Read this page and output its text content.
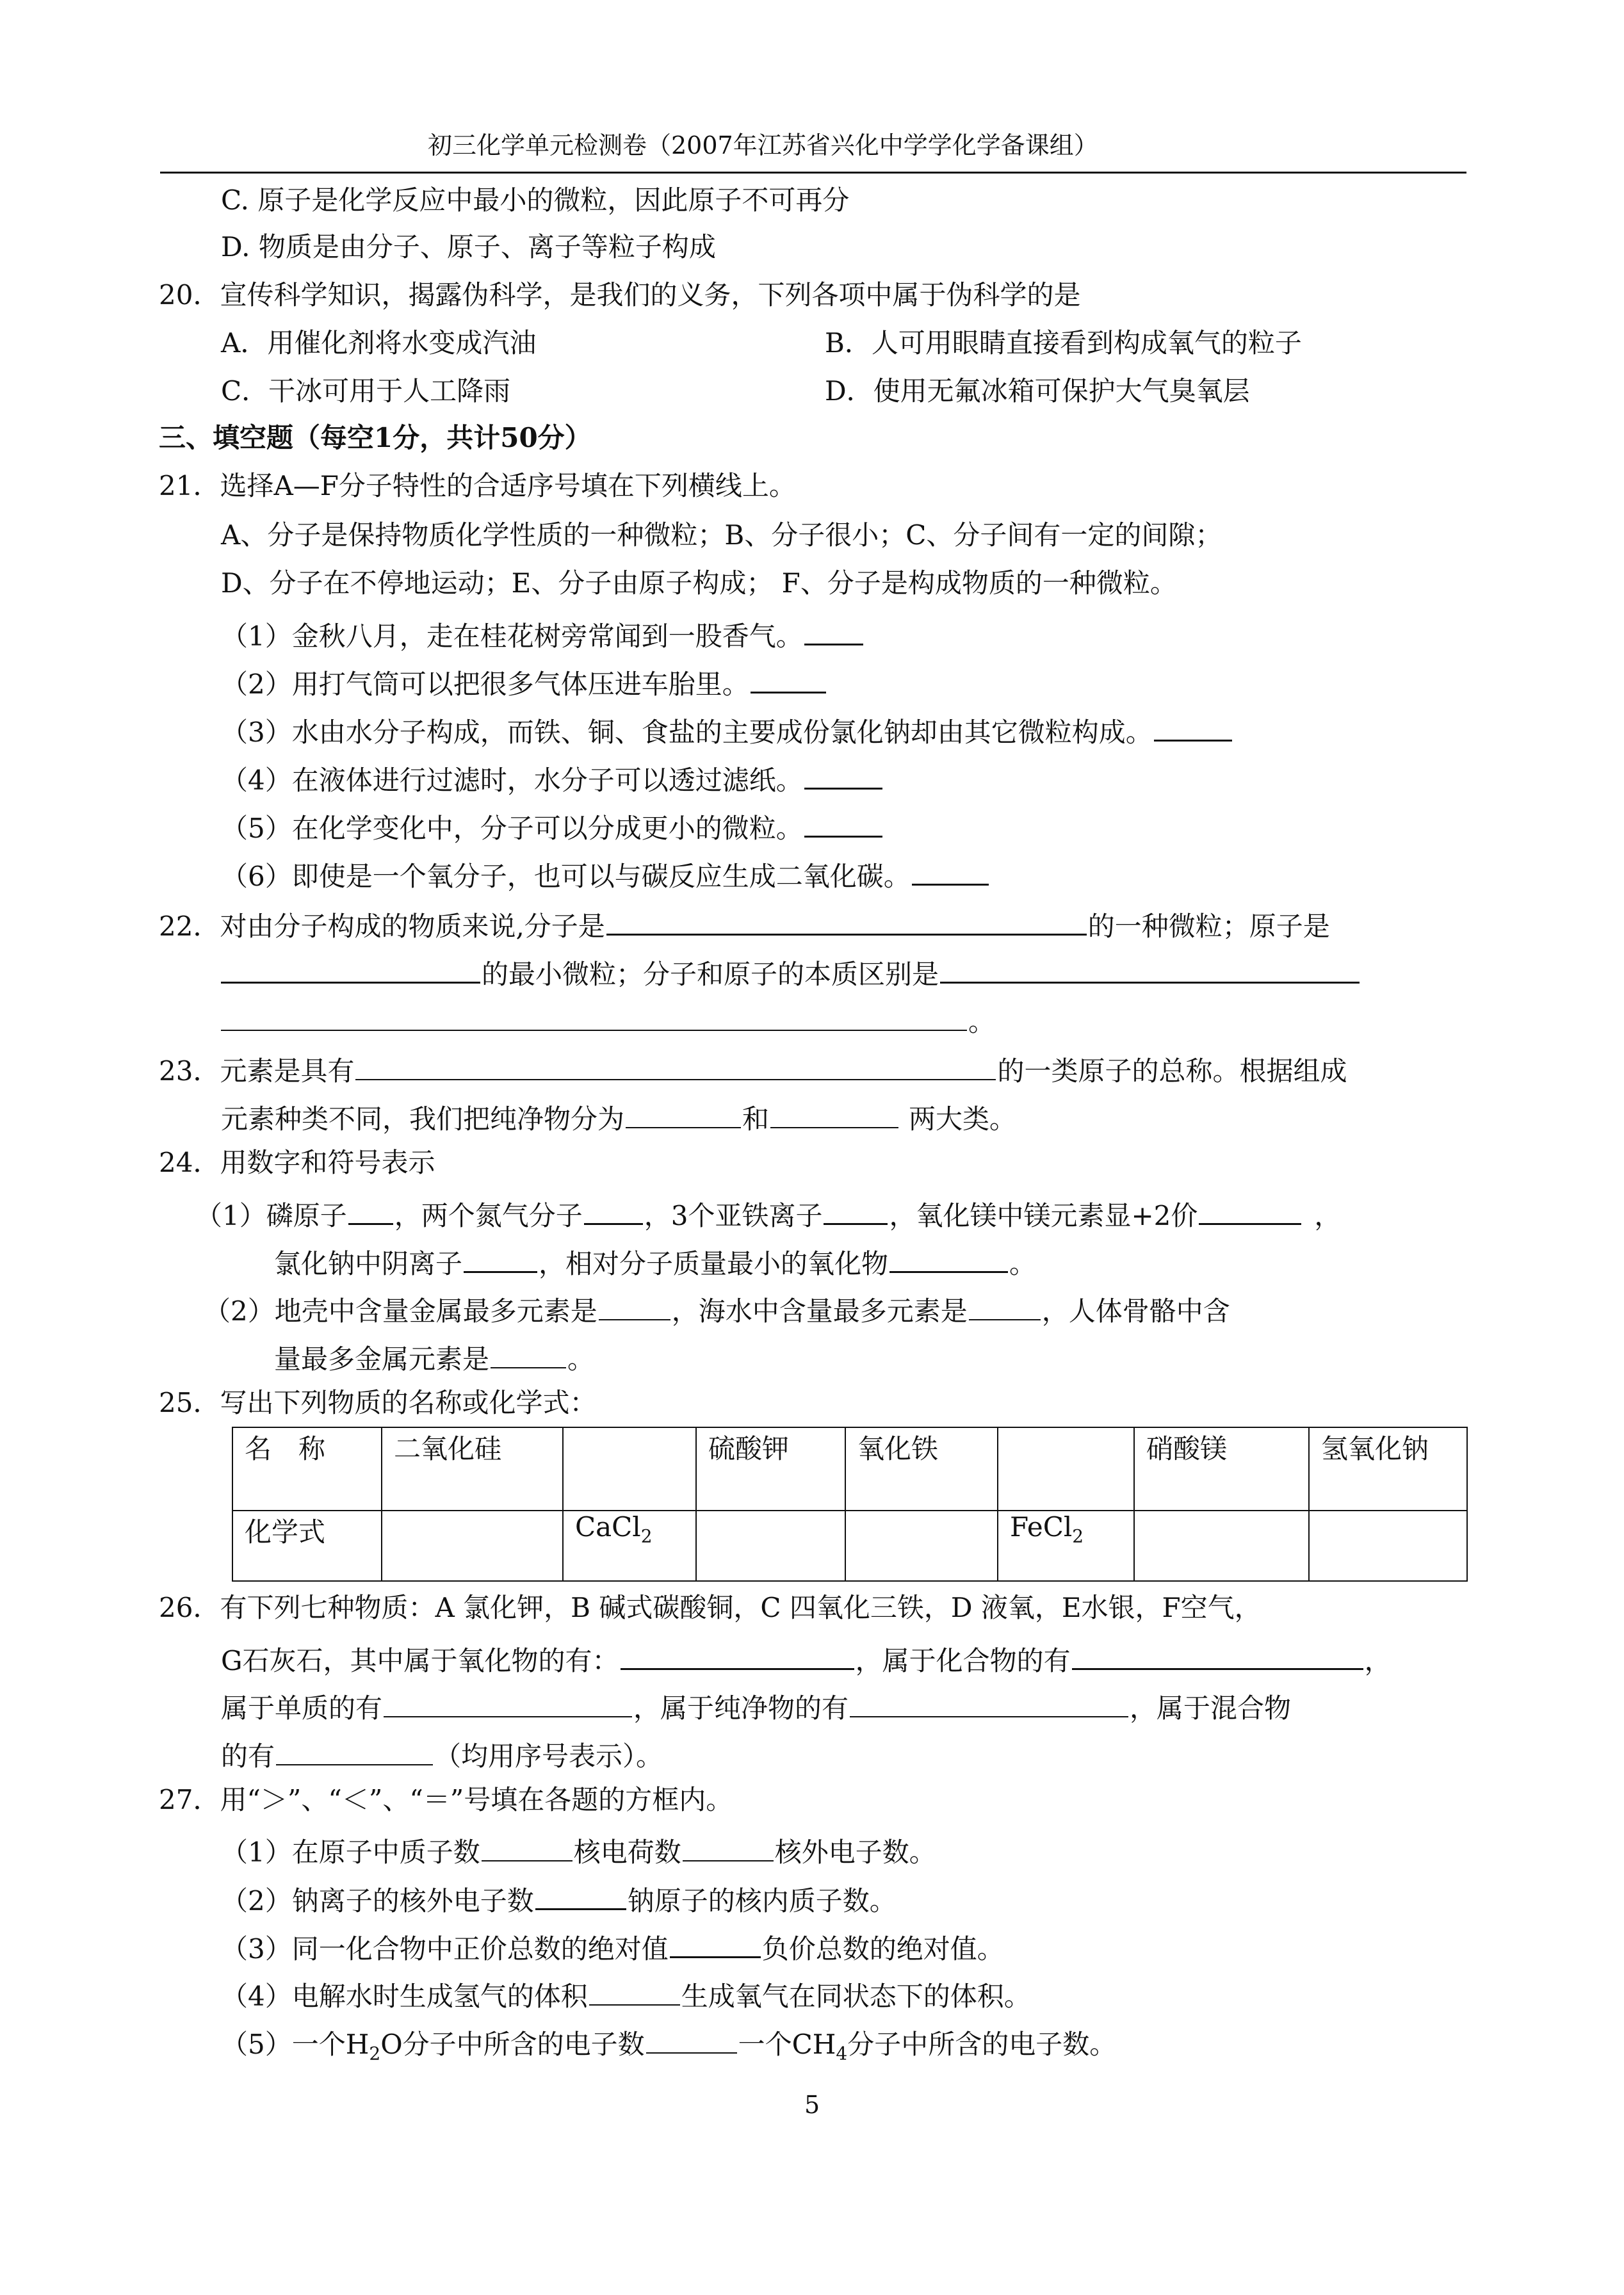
初三化学单元检测卷（2007年江苏省兴化中学学化学备课组）
C. 原子是化学反应中最小的微粒，因此原子不可再分
D. 物质是由分子、原子、离子等粒子构成
20．宣传科学知识，揭露伪科学，是我们的义务，下列各项中属于伪科学的是
A．用催化剂将水变成汽油	B．人可用眼睛直接看到构成氧气的粒子
C．干冰可用于人工降雨	D．使用无氟冰箱可保护大气臭氧层
三、填空题（每空1分，共计50分）
21．选择A—F分子特性的合适序号填在下列横线上。
A、分子是保持物质化学性质的一种微粒；B、分子很小；C、分子间有一定的间隙；
D、分子在不停地运动；E、分子由原子构成； F、分子是构成物质的一种微粒。
（1）金秋八月，走在桂花树旁常闻到一股香气。
（2）用打气筒可以把很多气体压进车胎里。
（3）水由水分子构成，而铁、铜、食盐的主要成份氯化钠却由其它微粒构成。
（4）在液体进行过滤时，水分子可以透过滤纸。
（5）在化学变化中，分子可以分成更小的微粒。
（6）即使是一个氧分子，也可以与碳反应生成二氧化碳。
22．对由分子构成的物质来说,分子是	的一种微粒；原子是
的最小微粒；分子和原子的本质区别是
。
23．元素是具有	的一类原子的总称。根据组成
元素种类不同，我们把纯净物分为	和	两大类。
24．用数字和符号表示
（1）磷原子 ，两个氮气分子 ，3个亚铁离子 ，氧化镁中镁元素显+2价	，
氯化钠中阴离子	，相对分子质量最小的氧化物	。
（2）地壳中含量金属最多元素是	，海水中含量最多元素是	，人体骨骼中含
量最多金属元素是	。
25．写出下列物质的名称或化学式：
名　称	二氧化硅		硫酸钾	氧化铁		硝酸镁	氢氧化钠
化学式		CaCl$_2$			FeCl$_2$		
26．有下列七种物质：A 氯化钾，B 碱式碳酸铜，C 四氧化三铁，D 液氧，E水银，F空气，
G石灰石，其中属于氧化物的有：	，属于化合物的有	，
属于单质的有	，属于纯净物的有	，属于混合物
的有	（均用序号表示）。
27．用“＞”、“＜”、“＝”号填在各题的方框内。
（1）在原子中质子数	核电荷数	核外电子数。
（2）钠离子的核外电子数	钠原子的核内质子数。
（3）同一化合物中正价总数的绝对值	负价总数的绝对值。
（4）电解水时生成氢气的体积	生成氧气在同状态下的体积。
（5）一个$H_2O$分子中所含的电子数	一个$CH_4$分子中所含的电子数。
5
